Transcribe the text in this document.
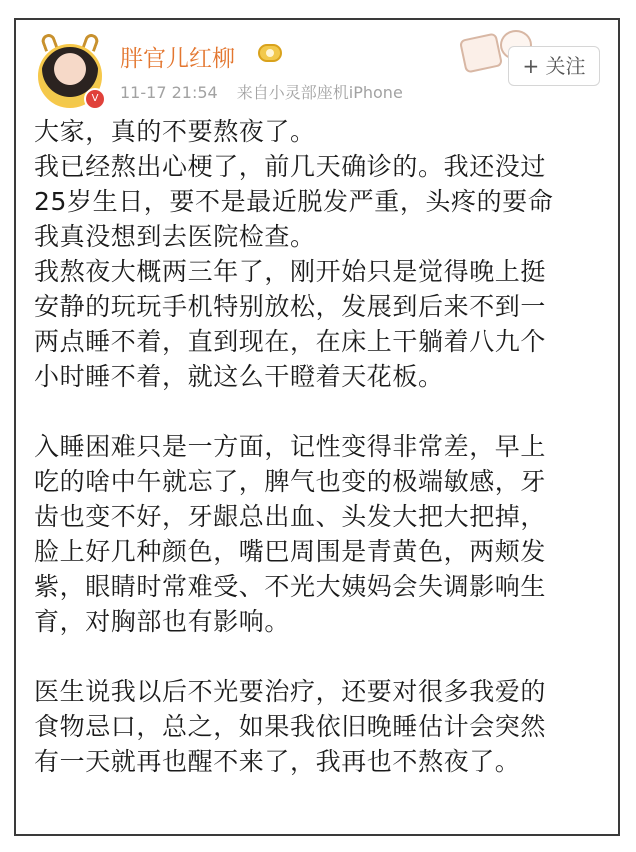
V
胖官儿红柳
11-17 21:54 来自小灵部座机iPhone
+ 关注

大家，真的不要熬夜了。

我已经熬出心梗了，前几天确诊的。我还没过

25岁生日，要不是最近脱发严重，头疼的要命

我真没想到去医院检查。

我熬夜大概两三年了，刚开始只是觉得晚上挺

安静的玩玩手机特别放松，发展到后来不到一

两点睡不着，直到现在，在床上干躺着八九个

小时睡不着，就这么干瞪着天花板。

入睡困难只是一方面，记性变得非常差，早上

吃的啥中午就忘了，脾气也变的极端敏感，牙

齿也变不好，牙龈总出血、头发大把大把掉，

脸上好几种颜色，嘴巴周围是青黄色，两颊发

紫，眼睛时常难受、不光大姨妈会失调影响生

育，对胸部也有影响。

医生说我以后不光要治疗，还要对很多我爱的

食物忌口，总之，如果我依旧晚睡估计会突然

有一天就再也醒不来了，我再也不熬夜了。
